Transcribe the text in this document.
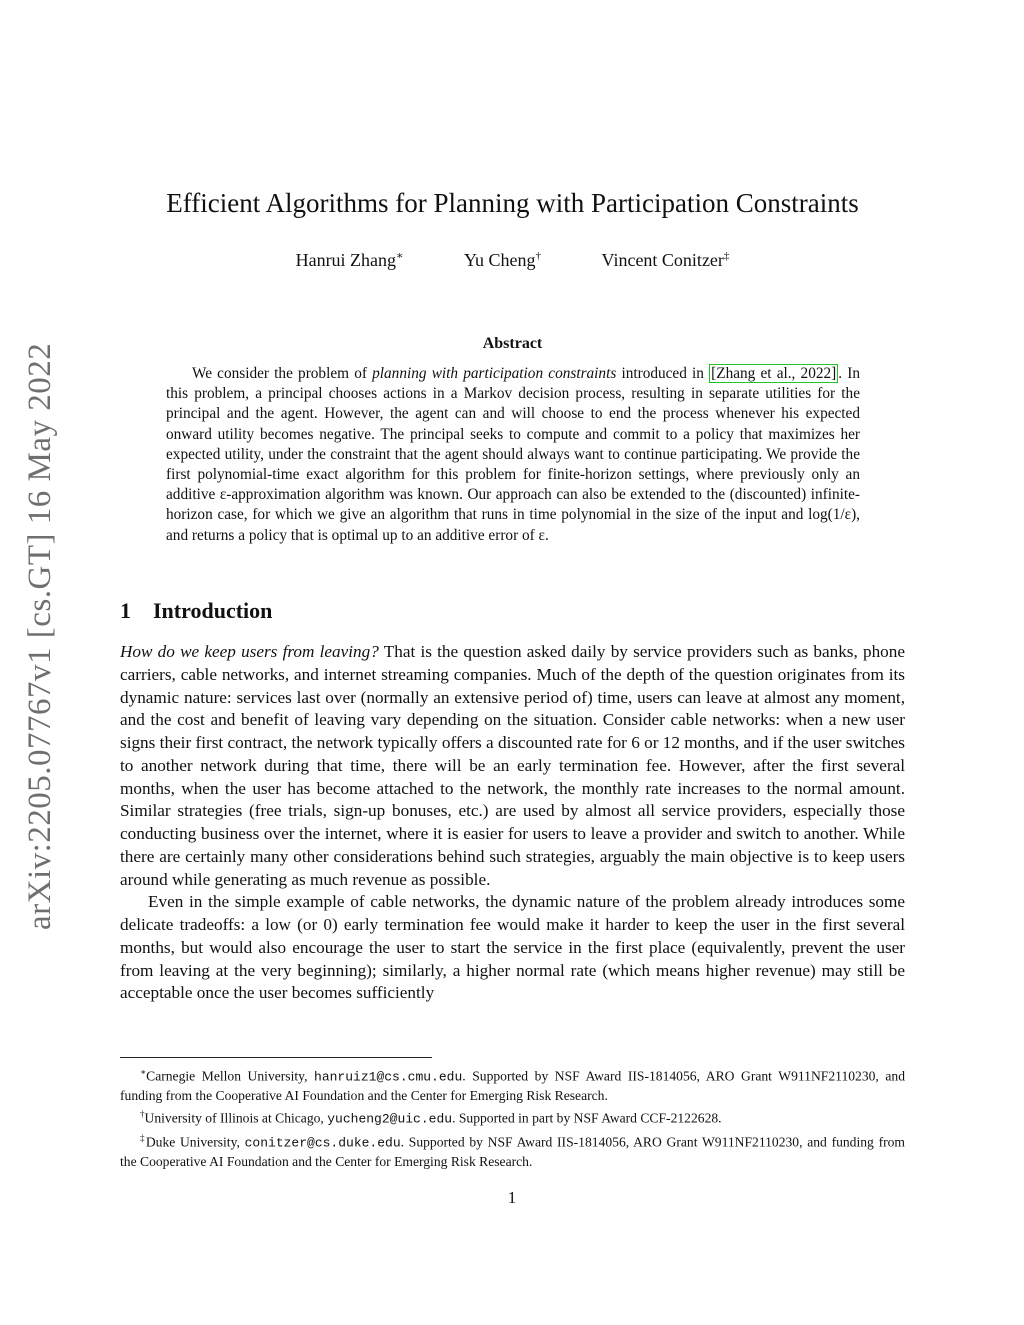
arXiv:2205.07767v1 [cs.GT] 16 May 2022
Efficient Algorithms for Planning with Participation Constraints
Hanrui Zhang∗	Yu Cheng†	Vincent Conitzer‡
Abstract

We consider the problem of planning with participation constraints introduced in [Zhang et al., 2022] . In this problem, a principal chooses actions in a Markov decision process, resulting in separate utilities for the principal and the agent. However, the agent can and will choose to end the process whenever his expected onward utility becomes negative. The principal seeks to compute and commit to a policy that maximizes her expected utility, under the constraint that the agent should always want to continue participating. We provide the first polynomial-time exact algorithm for this problem for finite-horizon settings, where previously only an additive ε-approximation algorithm was known. Our approach can also be extended to the (discounted) infinite-horizon case, for which we give an algorithm that runs in time polynomial in the size of the input and log(1/ε), and returns a policy that is optimal up to an additive error of ε.

1 Introduction

How do we keep users from leaving? That is the question asked daily by service providers such as banks, phone carriers, cable networks, and internet streaming companies. Much of the depth of the question originates from its dynamic nature: services last over (normally an extensive period of) time, users can leave at almost any moment, and the cost and benefit of leaving vary depending on the situation. Consider cable networks: when a new user signs their first contract, the network typically offers a discounted rate for 6 or 12 months, and if the user switches to another network during that time, there will be an early termination fee. However, after the first several months, when the user has become attached to the network, the monthly rate increases to the normal amount. Similar strategies (free trials, sign-up bonuses, etc.) are used by almost all service providers, especially those conducting business over the internet, where it is easier for users to leave a provider and switch to another. While there are certainly many other considerations behind such strategies, arguably the main objective is to keep users around while generating as much revenue as possible.

Even in the simple example of cable networks, the dynamic nature of the problem already introduces some delicate tradeoffs: a low (or 0) early termination fee would make it harder to keep the user in the first several months, but would also encourage the user to start the service in the first place (equivalently, prevent the user from leaving at the very beginning); similarly, a higher normal rate (which means higher revenue) may still be acceptable once the user becomes sufficiently

∗Carnegie Mellon University, hanruiz1@cs.cmu.edu. Supported by NSF Award IIS-1814056, ARO Grant W911NF2110230, and funding from the Cooperative AI Foundation and the Center for Emerging Risk Research.

†University of Illinois at Chicago, yucheng2@uic.edu. Supported in part by NSF Award CCF-2122628.

‡Duke University, conitzer@cs.duke.edu. Supported by NSF Award IIS-1814056, ARO Grant W911NF2110230, and funding from the Cooperative AI Foundation and the Center for Emerging Risk Research.

1
